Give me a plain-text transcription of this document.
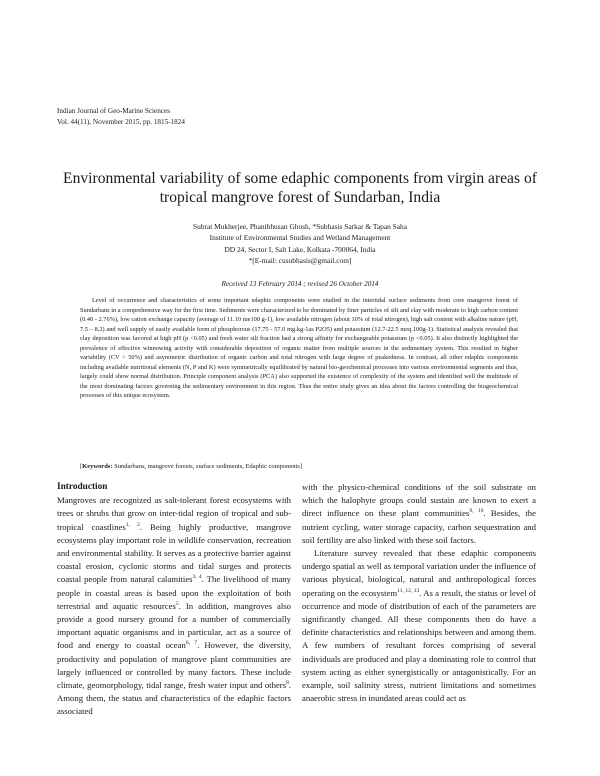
Indian Journal of Geo-Marine Sciences
Vol. 44(11), November 2015, pp. 1815-1824
Environmental variability of some edaphic components from virgin areas of tropical mangrove forest of Sundarban, India
Subrat Mukherjee, Phanibhusan Ghosh, *Subhasis Sarkar & Tapan Saha
Institute of Environmental Studies and Wetland Management
DD 24, Sector I, Salt Lake, Kolkata -700064, India
*[E-mail: cusubhasis@gmail.com]
Received 13 February 2014 ; revised 26 October 2014
Level of occurrence and characteristics of some important edaphic components were studied in the intertidal surface sediments from core mangrove forest of Sundarbans in a comprehensive way for the first time. Sediments were characterized to be dominated by finer particles of silt and clay with moderate to high carbon content (0.40 - 2.76%), low cation exchange capacity (average of 11.10 me100 g-1), low available nitrogen (about 10% of total nitrogen), high salt content with alkaline nature (pH, 7.5 – 8.2) and well supply of easily available form of phosphorous (17.75 - 57.0 mg.kg-1as P2O5) and potassium (12.7-22.5 meq.100g-1). Statistical analysis revealed that clay deposition was favored at high pH (p <0.05) and fresh water silt fraction had a strong affinity for exchangeable potassium (p <0.05). It also distinctly highlighted the prevalence of effective winnowing activity with considerable deposition of organic matter from multiple sources in the sedimentary system. This resulted in higher variability (CV > 50%) and asymmetric distribution of organic carbon and total nitrogen with large degree of peakedness. In contrast, all other edaphic components including available nutritional elements (N, P and K) were symmetrically equilibrated by natural bio-geochemical processes into various environmental segments and thus, largely could show normal distribution. Principle component analysis (PCA) also supported the existence of complexity of the system and identified well the multitude of the most dominating factors governing the sedimentary environment in this region. Thus the entire study gives an idea about the factors controlling the biogeochemical processes of this unique ecosystem.
[Keywords: Sundarbans, mangrove forests, surface sediments, Edaphic components]
Introduction

Mangroves are recognized as salt-tolerant forest ecosystems with trees or shrubs that grow on inter-tidal region of tropical and sub-tropical coastlines$^{1, 2}$. Being highly productive, mangrove ecosystems play important role in wildlife conservation, recreation and environmental stability. It serves as a protective barrier against coastal erosion, cyclonic storms and tidal surges and protects coastal people from natural calamities$^{3, 4}$. The livelihood of many people in coastal areas is based upon the exploitation of both terrestrial and aquatic resources$^5$. In addition, mangroves also provide a good nursery ground for a number of commercially important aquatic organisms and in particular, act as a source of food and energy to coastal ocean$^{6, 7}$. However, the diversity, productivity and population of mangrove plant communities are largely influenced or controlled by many factors. These include climate, geomorphology, tidal range, fresh water input and others$^8$. Among them, the status and characteristics of the edaphic factors associated

with the physico-chemical conditions of the soil substrate on which the halophyte groups could sustain are known to exert a direct influence on these plant communities$^{9, 10}$. Besides, the nutrient cycling, water storage capacity, carbon sequestration and soil fertility are also linked with these soil factors.

Literature survey revealed that these edaphic components undergo spatial as well as temporal variation under the influence of various physical, biological, natural and anthropological forces operating on the ecosystem$^{11, 12, 13}$. As a result, the status or level of occurrence and mode of distribution of each of the parameters are significantly changed. All these components then do have a definite characteristics and relationships between and among them. A few numbers of resultant forces comprising of several individuals are produced and play a dominating role to control that system acting as either synergistically or antagonistically. For an example, soil salinity stress, nutrient limitations and sometimes anaerobic stress in inundated areas could act as
